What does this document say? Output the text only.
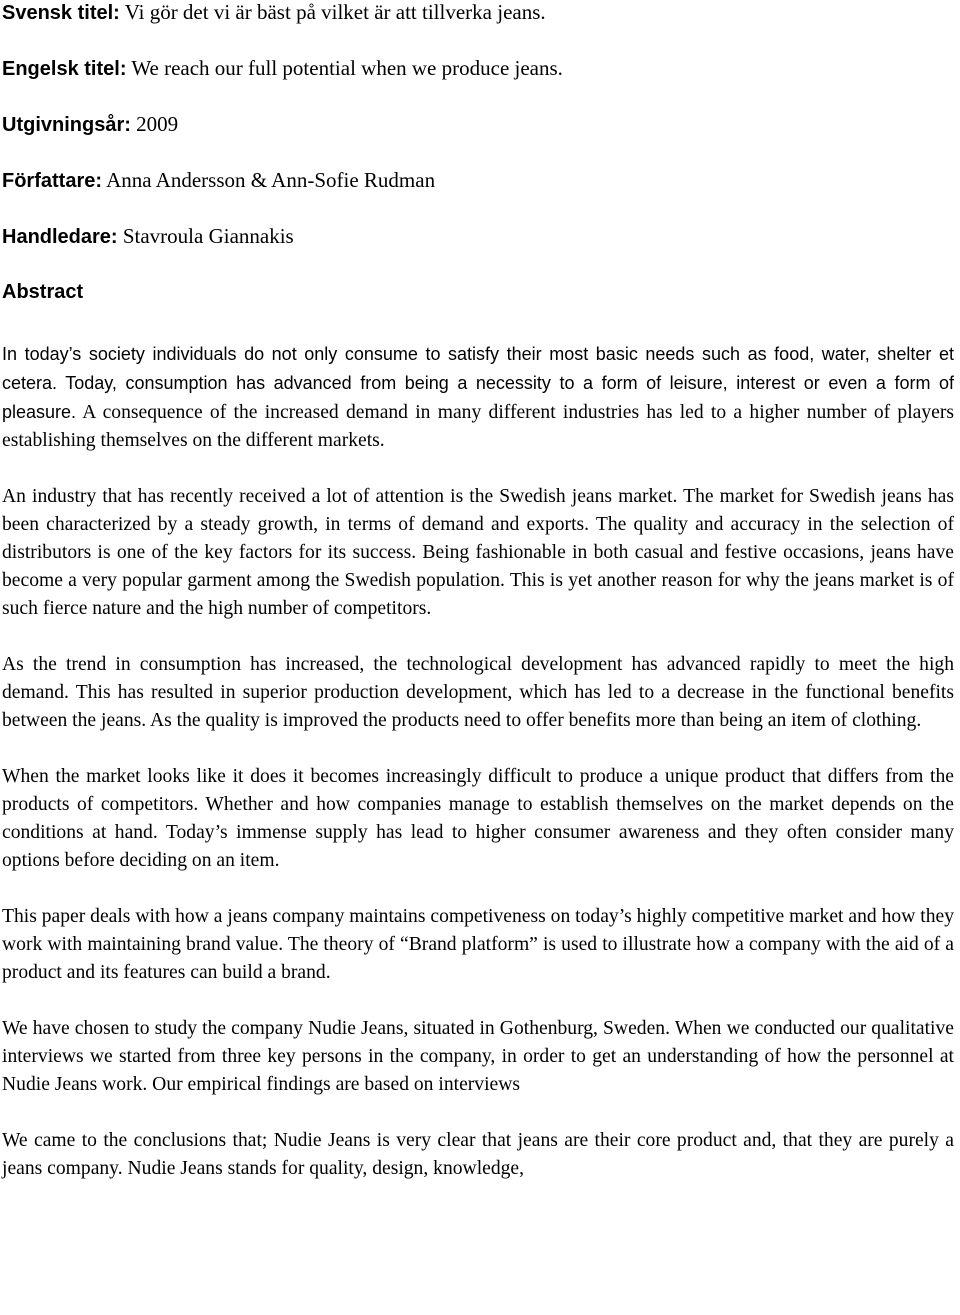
Svensk titel: Vi gör det vi är bäst på vilket är att tillverka jeans.

Engelsk titel: We reach our full potential when we produce jeans.

Utgivningsår: 2009

Författare: Anna Andersson & Ann-Sofie Rudman

Handledare: Stavroula Giannakis

Abstract

In today’s society individuals do not only consume to satisfy their most basic needs such as food, water, shelter et cetera. Today, consumption has advanced from being a necessity to a form of leisure, interest or even a form of pleasure. A consequence of the increased demand in many different industries has led to a higher number of players establishing themselves on the different markets.

An industry that has recently received a lot of attention is the Swedish jeans market. The market for Swedish jeans has been characterized by a steady growth, in terms of demand and exports. The quality and accuracy in the selection of distributors is one of the key factors for its success. Being fashionable in both casual and festive occasions, jeans have become a very popular garment among the Swedish population. This is yet another reason for why the jeans market is of such fierce nature and the high number of competitors.

As the trend in consumption has increased, the technological development has advanced rapidly to meet the high demand. This has resulted in superior production development, which has led to a decrease in the functional benefits between the jeans. As the quality is improved the products need to offer benefits more than being an item of clothing.

When the market looks like it does it becomes increasingly difficult to produce a unique product that differs from the products of competitors. Whether and how companies manage to establish themselves on the market depends on the conditions at hand. Today’s immense supply has lead to higher consumer awareness and they often consider many options before deciding on an item.

This paper deals with how a jeans company maintains competiveness on today’s highly competitive market and how they work with maintaining brand value. The theory of “Brand platform” is used to illustrate how a company with the aid of a product and its features can build a brand.

We have chosen to study the company Nudie Jeans, situated in Gothenburg, Sweden. When we conducted our qualitative interviews we started from three key persons in the company, in order to get an understanding of how the personnel at Nudie Jeans work. Our empirical findings are based on interviews

We came to the conclusions that; Nudie Jeans is very clear that jeans are their core product and, that they are purely a jeans company. Nudie Jeans stands for quality, design, knowledge,
